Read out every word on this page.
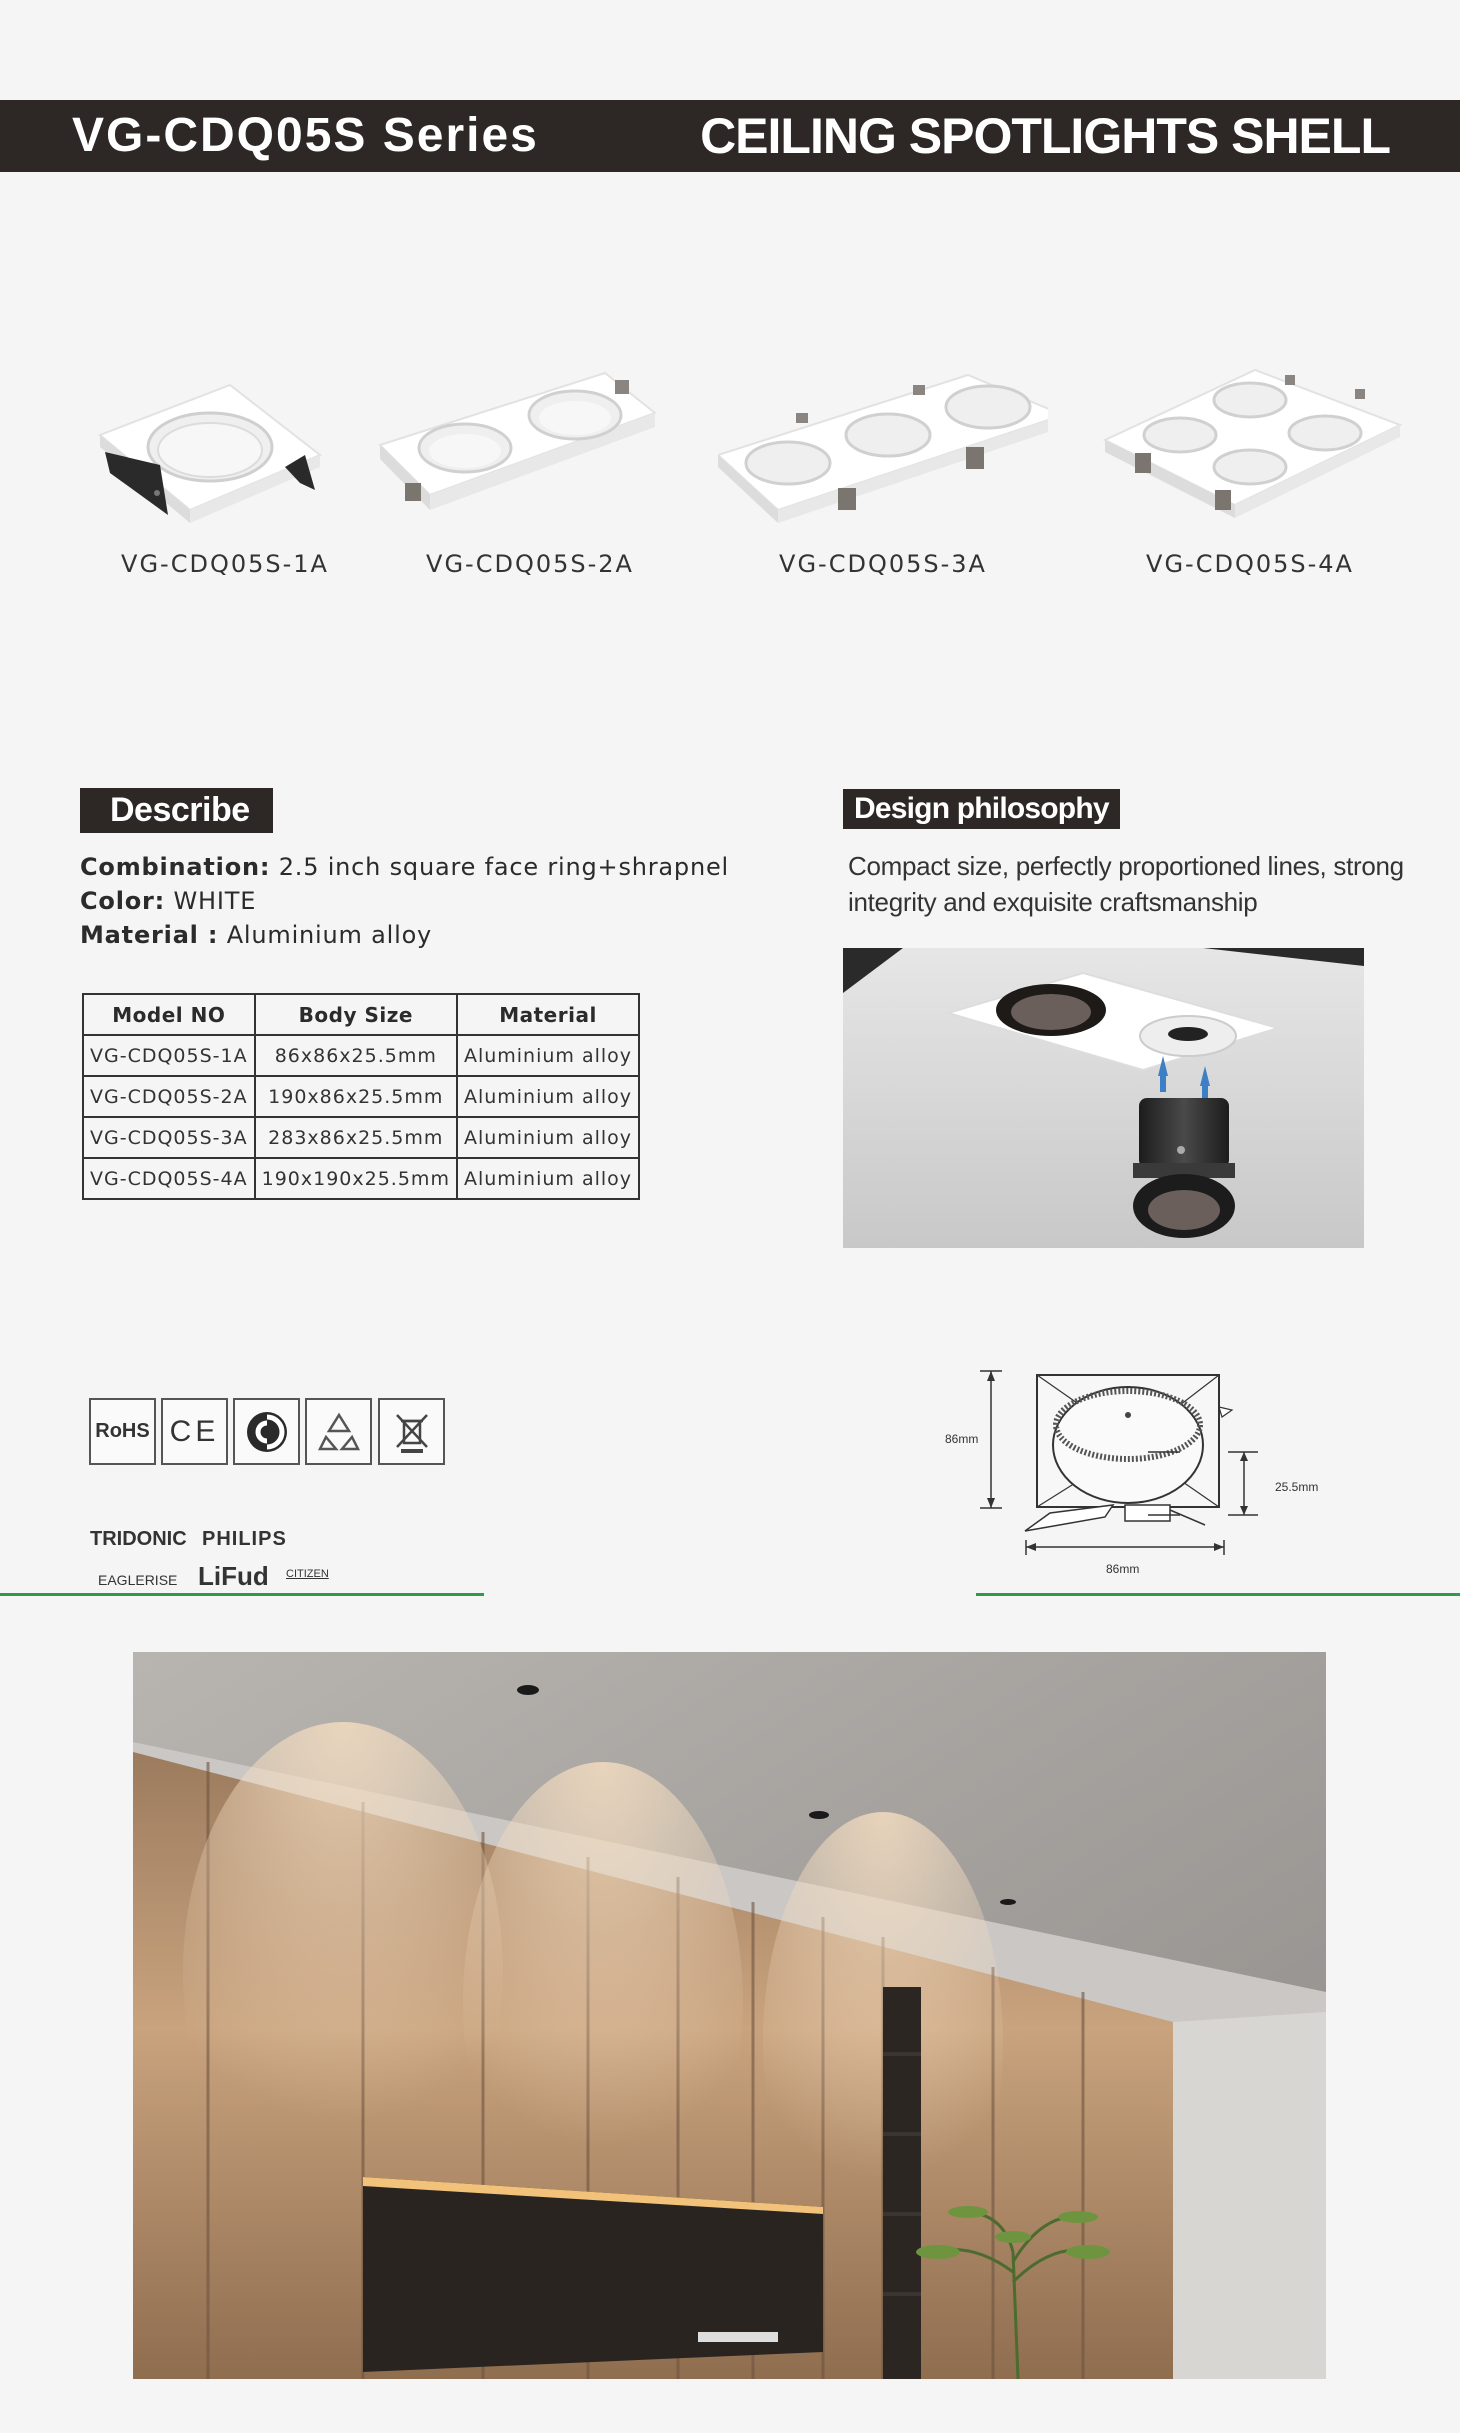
VG-CDQ05S Series	CEILING SPOTLIGHTS SHELL
VG-CDQ05S-1A	VG-CDQ05S-2A	VG-CDQ05S-3A	VG-CDQ05S-4A
Describe
Combination: 2.5 inch square face ring+shrapnel
Color: WHITE
Material : Aluminium alloy
Model NO	Body Size	Material
VG-CDQ05S-1A	86x86x25.5mm	Aluminium alloy
VG-CDQ05S-2A	190x86x25.5mm	Aluminium alloy
VG-CDQ05S-3A	283x86x25.5mm	Aluminium alloy
VG-CDQ05S-4A	190x190x25.5mm	Aluminium alloy
Design philosophy
Compact size, perfectly proportioned lines, strong
integrity and exquisite craftsmanship
RoHS CE
TRIDONIC PHILIPS
EAGLERISE LiFud CITIZEN
86mm
86mm
25.5mm
